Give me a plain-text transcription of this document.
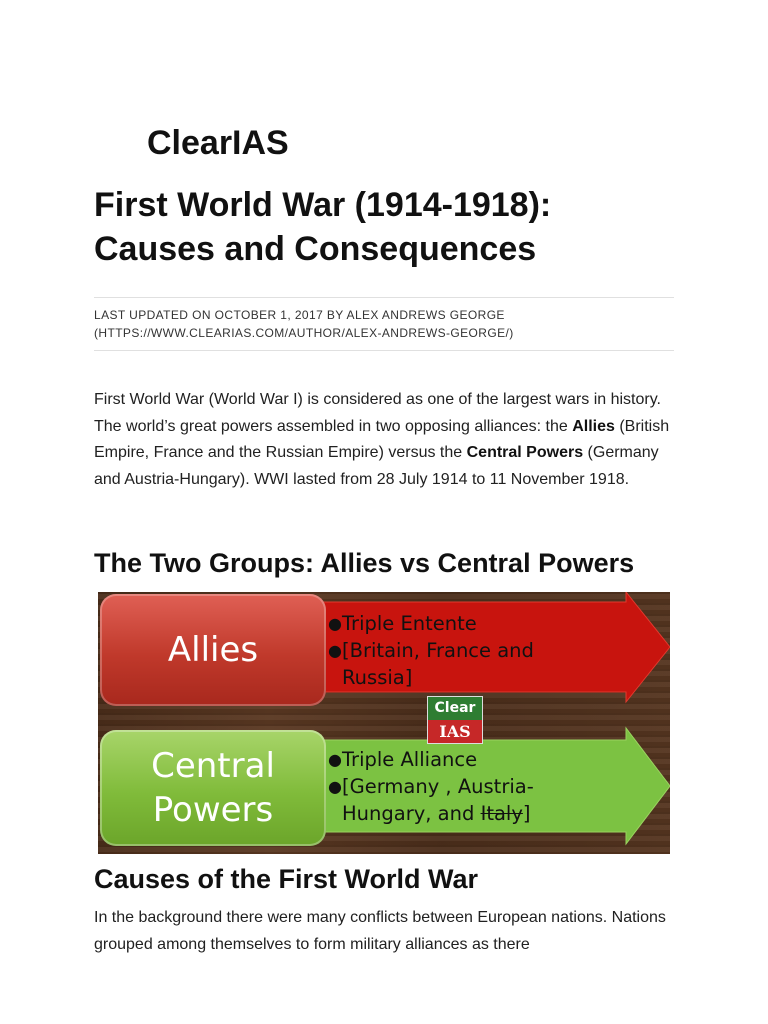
ClearIAS
First World War (1914-1918):
Causes and Consequences

LAST UPDATED ON OCTOBER 1, 2017 BY ALEX ANDREWS GEORGE
(HTTPS://WWW.CLEARIAS.COM/AUTHOR/ALEX-ANDREWS-GEORGE/)

First World War (World War I) is considered as one of the largest wars in history. The world’s great powers assembled in two opposing alliances: the Allies (British Empire, France and the Russian Empire) versus the Central Powers (Germany and Austria-Hungary). WWI lasted from 28 July 1914 to 11 November 1918.

The Two Groups: Allies vs Central Powers
Allies
● Triple Entente
● [Britain, France and
Russia]
Clear
IAS
Central
Powers
● Triple Alliance
● [Germany , Austria-
Hungary, and Italy]
Causes of the First World War

In the background there were many conflicts between European nations. Nations grouped among themselves to form military alliances as there
